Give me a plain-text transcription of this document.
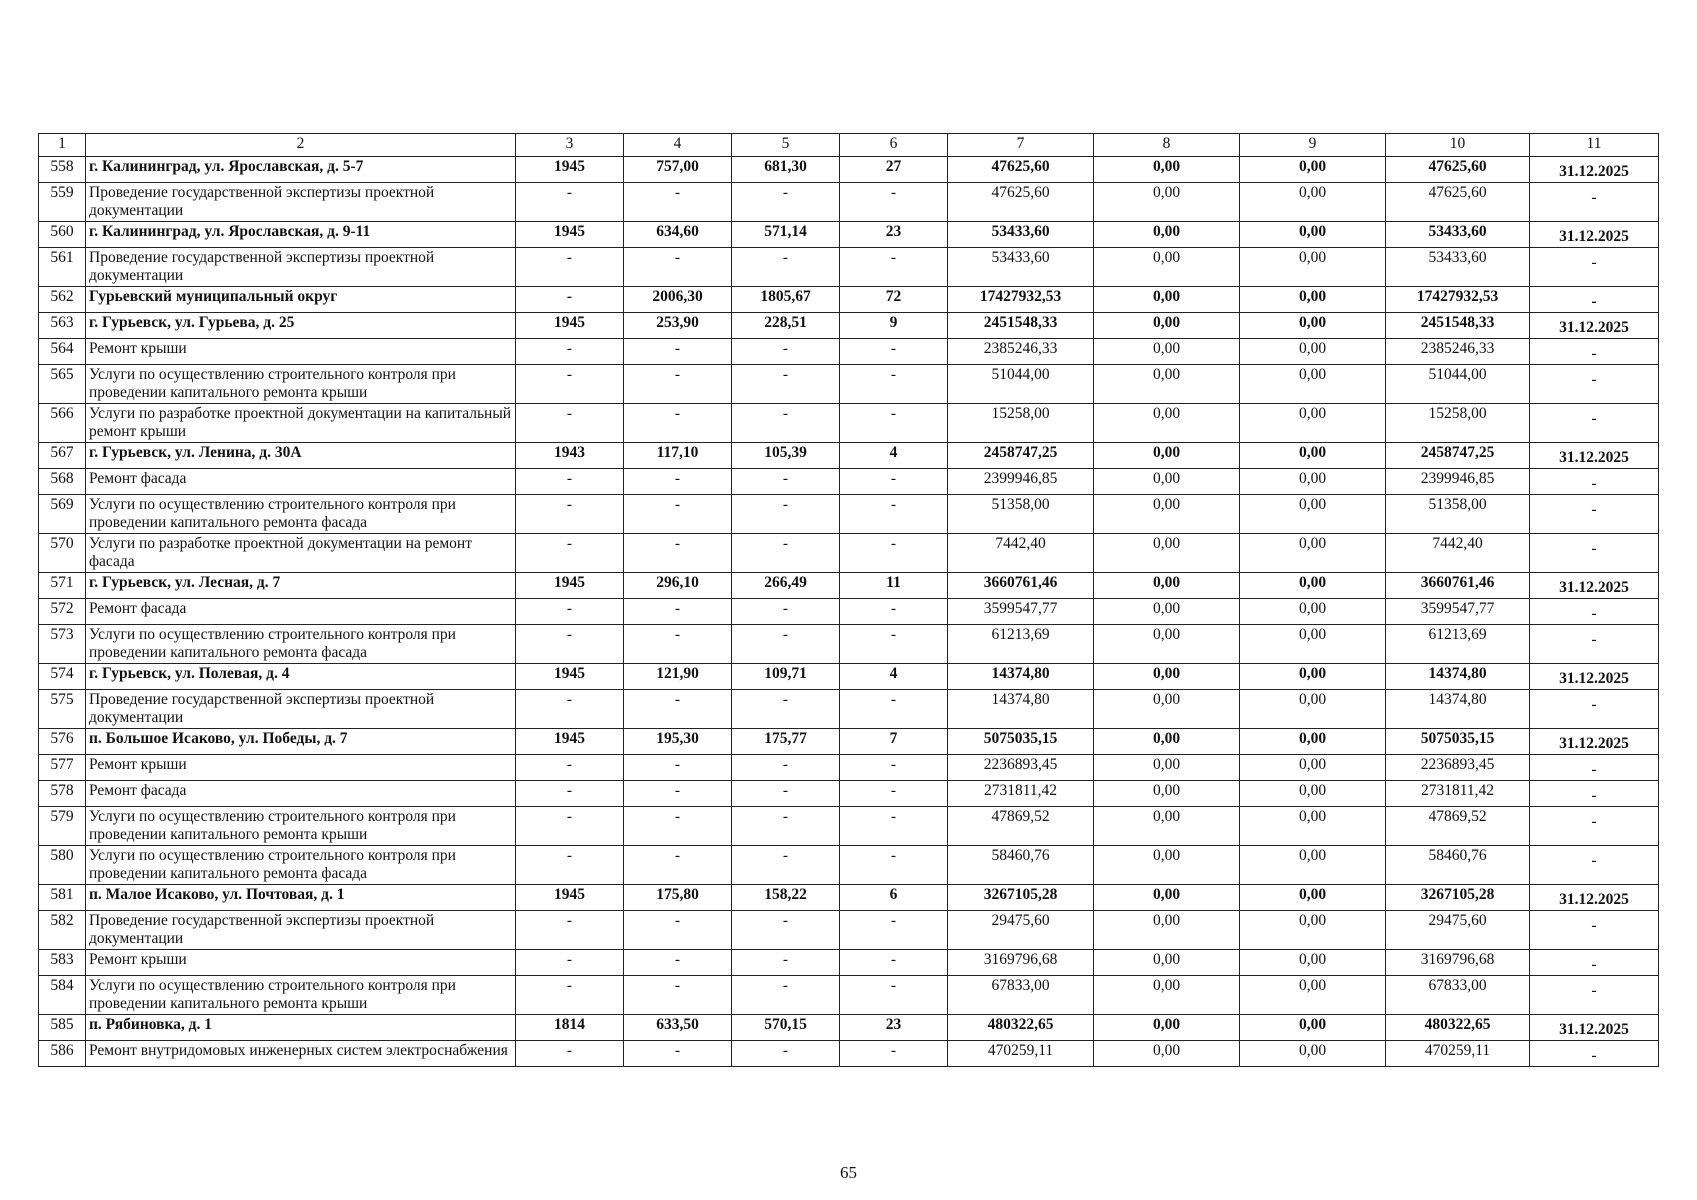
1	2	3	4	5	6	7	8	9	10	11
558	г. Калининград, ул. Ярославская, д. 5-7	1945	757,00	681,30	27	47625,60	0,00	0,00	47625,60	31.12.2025
559	Проведение государственной экспертизы проектной документации	-	-	-	-	47625,60	0,00	0,00	47625,60	-
560	г. Калининград, ул. Ярославская, д. 9-11	1945	634,60	571,14	23	53433,60	0,00	0,00	53433,60	31.12.2025
561	Проведение государственной экспертизы проектной документации	-	-	-	-	53433,60	0,00	0,00	53433,60	-
562	Гурьевский муниципальный округ	-	2006,30	1805,67	72	17427932,53	0,00	0,00	17427932,53	-
563	г. Гурьевск, ул. Гурьева, д. 25	1945	253,90	228,51	9	2451548,33	0,00	0,00	2451548,33	31.12.2025
564	Ремонт крыши	-	-	-	-	2385246,33	0,00	0,00	2385246,33	-
565	Услуги по осуществлению строительного контроля при проведении капитального ремонта крыши	-	-	-	-	51044,00	0,00	0,00	51044,00	-
566	Услуги по разработке проектной документации на капитальный ремонт крыши	-	-	-	-	15258,00	0,00	0,00	15258,00	-
567	г. Гурьевск, ул. Ленина, д. 30А	1943	117,10	105,39	4	2458747,25	0,00	0,00	2458747,25	31.12.2025
568	Ремонт фасада	-	-	-	-	2399946,85	0,00	0,00	2399946,85	-
569	Услуги по осуществлению строительного контроля при проведении капитального ремонта фасада	-	-	-	-	51358,00	0,00	0,00	51358,00	-
570	Услуги по разработке проектной документации на ремонт фасада	-	-	-	-	7442,40	0,00	0,00	7442,40	-
571	г. Гурьевск, ул. Лесная, д. 7	1945	296,10	266,49	11	3660761,46	0,00	0,00	3660761,46	31.12.2025
572	Ремонт фасада	-	-	-	-	3599547,77	0,00	0,00	3599547,77	-
573	Услуги по осуществлению строительного контроля при проведении капитального ремонта фасада	-	-	-	-	61213,69	0,00	0,00	61213,69	-
574	г. Гурьевск, ул. Полевая, д. 4	1945	121,90	109,71	4	14374,80	0,00	0,00	14374,80	31.12.2025
575	Проведение государственной экспертизы проектной документации	-	-	-	-	14374,80	0,00	0,00	14374,80	-
576	п. Большое Исаково, ул. Победы, д. 7	1945	195,30	175,77	7	5075035,15	0,00	0,00	5075035,15	31.12.2025
577	Ремонт крыши	-	-	-	-	2236893,45	0,00	0,00	2236893,45	-
578	Ремонт фасада	-	-	-	-	2731811,42	0,00	0,00	2731811,42	-
579	Услуги по осуществлению строительного контроля при проведении капитального ремонта крыши	-	-	-	-	47869,52	0,00	0,00	47869,52	-
580	Услуги по осуществлению строительного контроля при проведении капитального ремонта фасада	-	-	-	-	58460,76	0,00	0,00	58460,76	-
581	п. Малое Исаково, ул. Почтовая, д. 1	1945	175,80	158,22	6	3267105,28	0,00	0,00	3267105,28	31.12.2025
582	Проведение государственной экспертизы проектной документации	-	-	-	-	29475,60	0,00	0,00	29475,60	-
583	Ремонт крыши	-	-	-	-	3169796,68	0,00	0,00	3169796,68	-
584	Услуги по осуществлению строительного контроля при проведении капитального ремонта крыши	-	-	-	-	67833,00	0,00	0,00	67833,00	-
585	п. Рябиновка, д. 1	1814	633,50	570,15	23	480322,65	0,00	0,00	480322,65	31.12.2025
586	Ремонт внутридомовых инженерных систем электроснабжения	-	-	-	-	470259,11	0,00	0,00	470259,11	-
65
